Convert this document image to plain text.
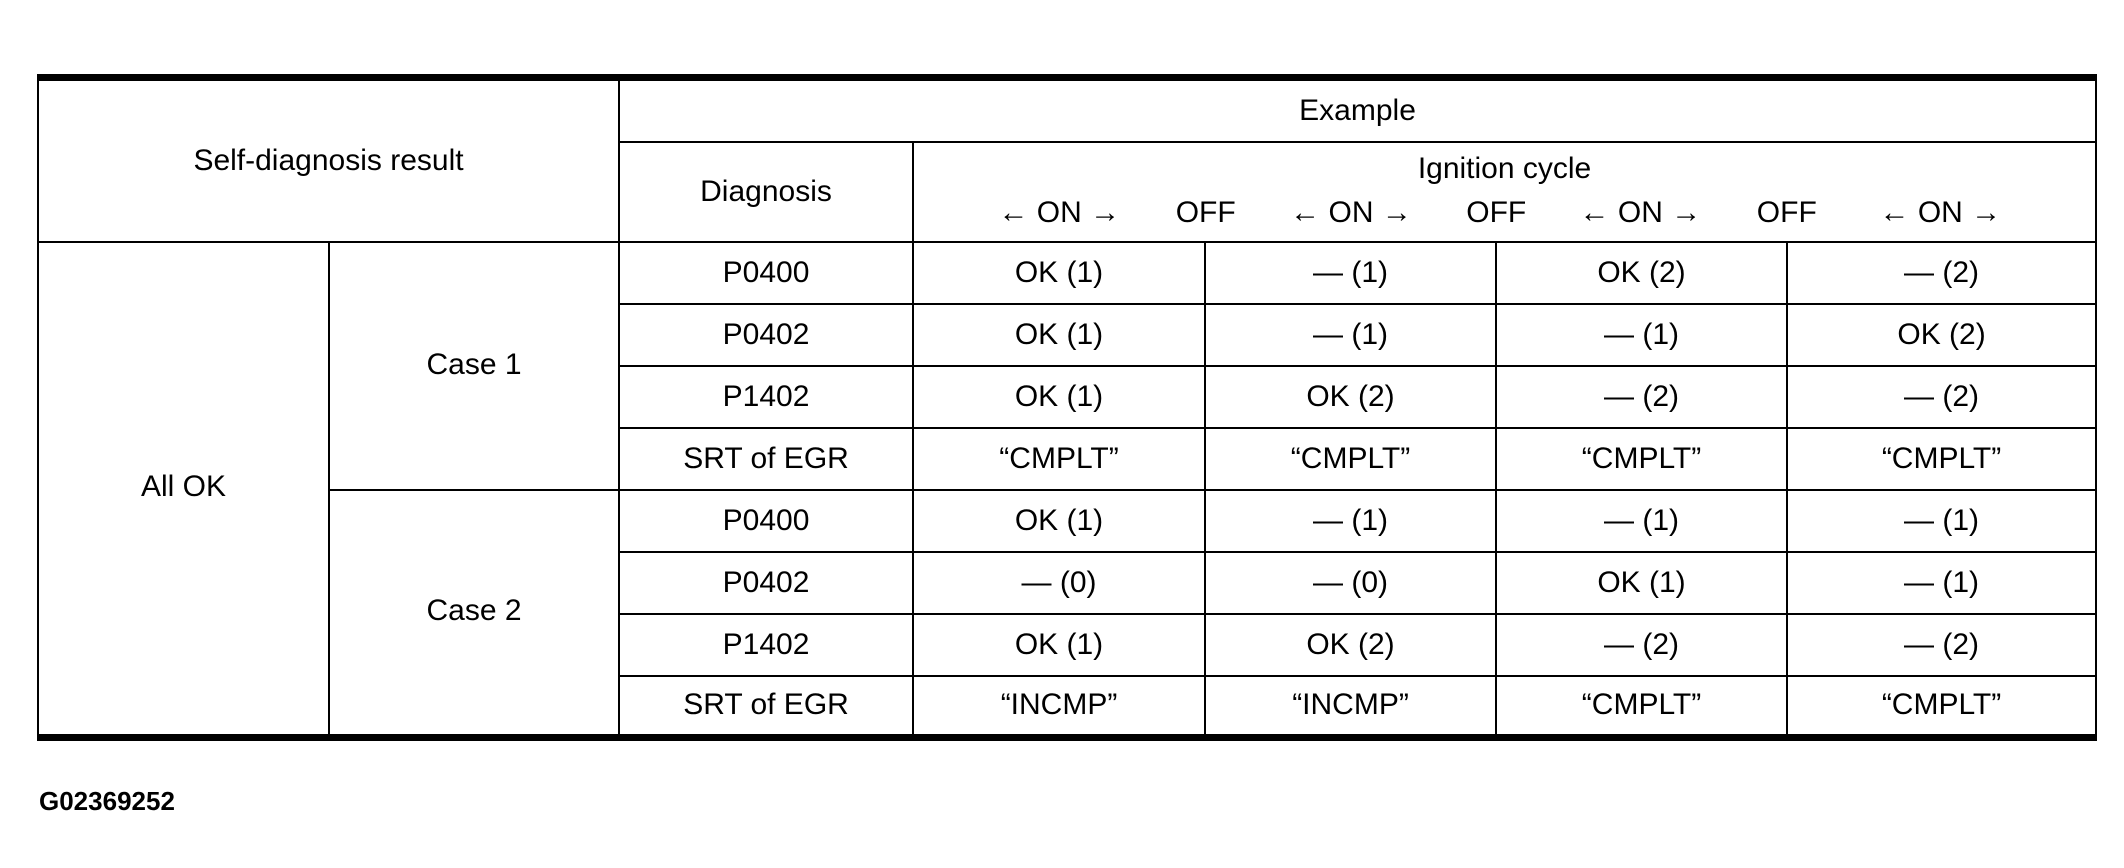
Self-diagnosis result		Example				
Diagnosis	
Ignition cycle
← ON → OFF ← ON → OFF ← ON → OFF ← ON →

All OK	Case 1	P0400	OK (1)	— (1)	OK (2)	— (2)
		P0402	OK (1)	— (1)	— (1)	OK (2)
		P1402	OK (1)	OK (2)	— (2)	— (2)
		SRT of EGR	“CMPLT”	“CMPLT”	“CMPLT”	“CMPLT”

	Case 2	P0400	OK (1)	— (1)	— (1)	— (1)
		P0402	— (0)	— (0)	OK (1)	— (1)
		P1402	OK (1)	OK (2)	— (2)	— (2)
		SRT of EGR	“INCMP”	“INCMP”	“CMPLT”	“CMPLT”
G02369252
